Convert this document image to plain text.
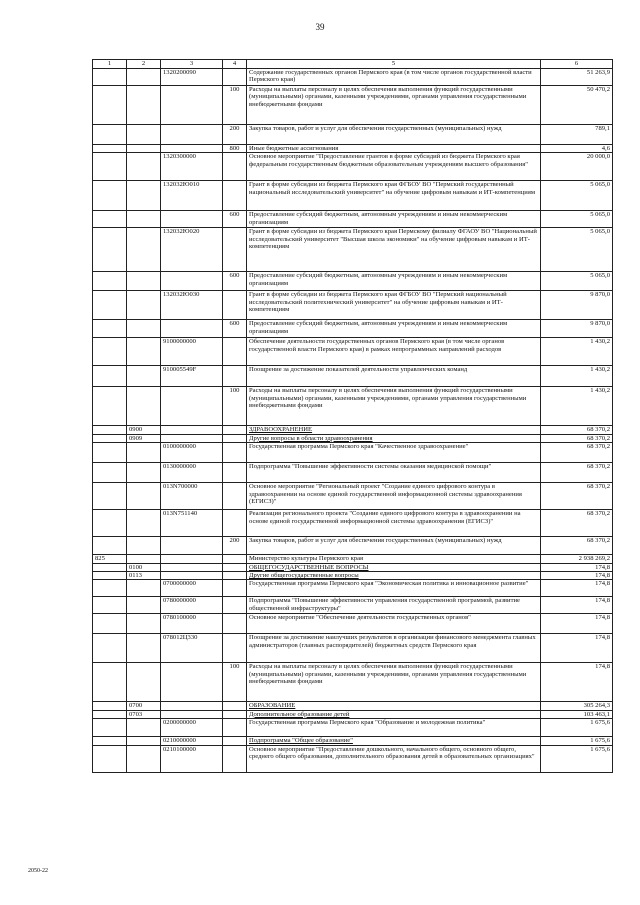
39
1	2	3	4	5	6
		1320200090		Содержание государственных органов Пермского края (в том числе органов государственной власти Пермского края)	51 263,9
			100	Расходы на выплаты персоналу в целях обеспечения выполнения функций государственными (муниципальными) органами, казенными учреждениями, органами управления государственными внебюджетными фондами	50 470,2
			200	Закупка товаров, работ и услуг для обеспечения государственных (муниципальных) нужд	789,1
			800	Иные бюджетные ассигнования	4,6
		1320300000		Основное мероприятие "Предоставление грантов в форме субсидий из бюджета Пермского края федеральным государственным бюджетным образовательным учреждениям высшего образования"	20 000,0
		132032Ю010		Грант в форме субсидии из бюджета Пермского края ФГБОУ ВО "Пермский государственный национальный исследовательский университет" на обучение цифровым навыкам и ИТ-компетенциям	5 065,0
			600	Предоставление субсидий бюджетным, автономным учреждениям и иным некоммерческим организациям	5 065,0
		132032Ю020		Грант в форме субсидии из бюджета Пермского края Пермскому филиалу ФГАОУ ВО "Национальный исследовательский университет "Высшая школа экономики" на обучение цифровым навыкам и ИТ-компетенциям	5 065,0
			600	Предоставление субсидий бюджетным, автономным учреждениям и иным некоммерческим организациям	5 065,0
		132032Ю030		Грант в форме субсидии из бюджета Пермского края ФГБОУ ВО "Пермский национальный исследовательский политехнический университет" на обучение цифровым навыкам и ИТ-компетенциям	9 870,0
			600	Предоставление субсидий бюджетным, автономным учреждениям и иным некоммерческим организациям	9 870,0
		9100000000		Обеспечение деятельности государственных органов Пермского края (в том числе органов государственной власти Пермского края) в рамках непрограммных направлений расходов	1 430,2
		910005549F		Поощрение за достижение показателей деятельности управленческих команд	1 430,2
			100	Расходы на выплаты персоналу в целях обеспечения выполнения функций государственными (муниципальными) органами, казенными учреждениями, органами управления государственными внебюджетными фондами	1 430,2
	0900			ЗДРАВООХРАНЕНИЕ	68 370,2
	0909			Другие вопросы в области здравоохранения	68 370,2
		0100000000		Государственная программа Пермского края "Качественное здравоохранение"	68 370,2
		0130000000		Подпрограмма "Повышение эффективности системы оказания медицинской помощи"	68 370,2
		013N700000		Основное мероприятие "Региональный проект "Создание единого цифрового контура в здравоохранении на основе единой государственной информационной системы здравоохранения (ЕГИСЗ)"	68 370,2
		013N751140		Реализация регионального проекта "Создание единого цифрового контура в здравоохранении на основе единой государственной информационной системы здравоохранения (ЕГИСЗ)"	68 370,2
			200	Закупка товаров, работ и услуг для обеспечения государственных (муниципальных) нужд	68 370,2
825				Министерство культуры Пермского края	2 938 269,2
	0100			ОБЩЕГОСУДАРСТВЕННЫЕ ВОПРОСЫ	174,8
	0113			Другие общегосударственные вопросы	174,8
		0700000000		Государственная программа Пермского края "Экономическая политика и инновационное развитие"	174,8
		0780000000		Подпрограмма "Повышение эффективности управления государственной программой, развитие общественной инфраструктуры"	174,8
		0780100000		Основное мероприятие "Обеспечение деятельности государственных органов"	174,8
		078012Ц330		Поощрение за достижение наилучших результатов в организации финансового менеджмента главных администраторов (главных распорядителей) бюджетных средств Пермского края	174,8
			100	Расходы на выплаты персоналу в целях обеспечения выполнения функций государственными (муниципальными) органами, казенными учреждениями, органами управления государственными внебюджетными фондами	174,8
	0700			ОБРАЗОВАНИЕ	305 264,3
	0703			Дополнительное образование детей	103 463,1
		0200000000		Государственная программа Пермского края "Образование и молодежная политика"	1 675,6
		0210000000		Подпрограмма "Общее образование"	1 675,6
		0210100000		Основное мероприятие "Предоставление дошкольного, начального общего, основного общего, среднего общего образования, дополнительного образования детей в образовательных организациях"	1 675,6
2050-22
